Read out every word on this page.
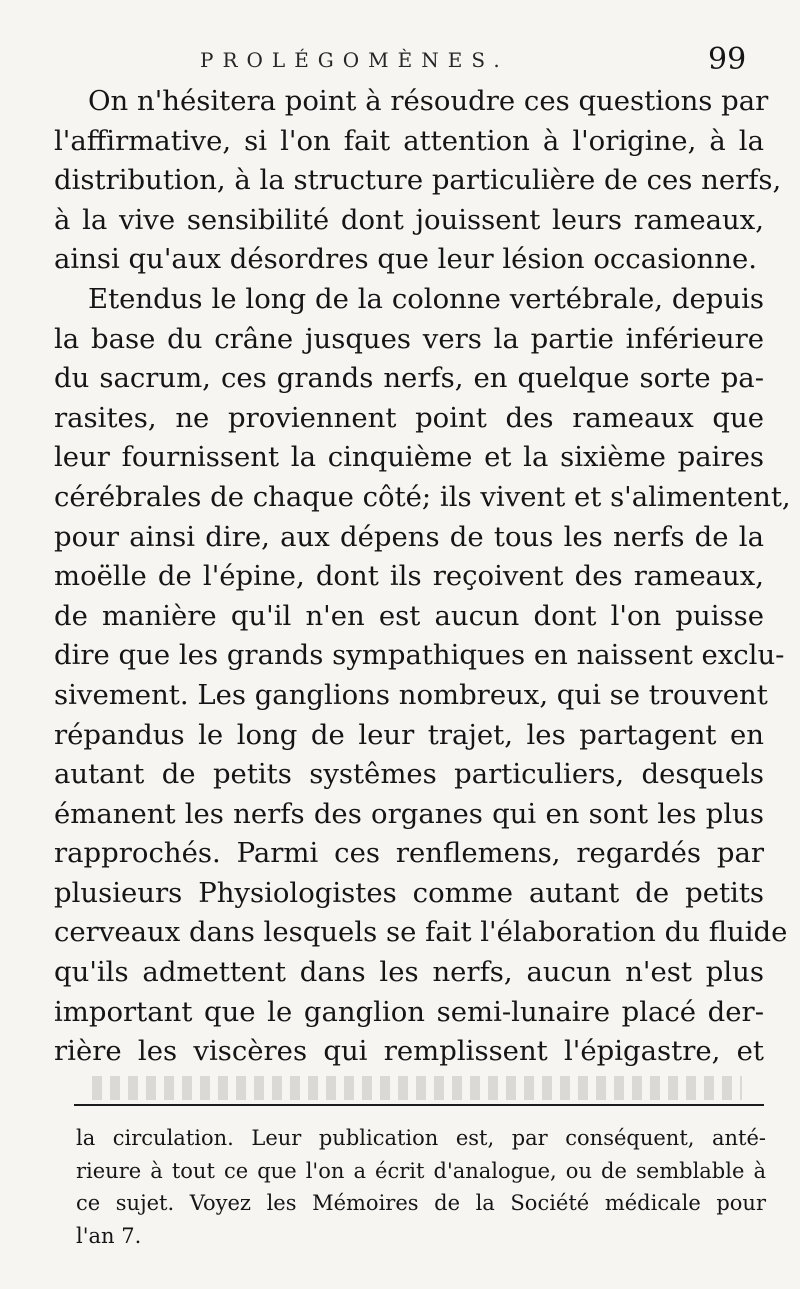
PROLÉGOMÈNES.	99
On n'hésitera point à résoudre ces questions par
l'affirmative, si l'on fait attention à l'origine, à la
distribution, à la structure particulière de ces nerfs,
à la vive sensibilité dont jouissent leurs rameaux,
ainsi qu'aux désordres que leur lésion occasionne.
Etendus le long de la colonne vertébrale, depuis
la base du crâne jusques vers la partie inférieure
du sacrum, ces grands nerfs, en quelque sorte pa-
rasites, ne proviennent point des rameaux que
leur fournissent la cinquième et la sixième paires
cérébrales de chaque côté; ils vivent et s'alimentent,
pour ainsi dire, aux dépens de tous les nerfs de la
moëlle de l'épine, dont ils reçoivent des rameaux,
de manière qu'il n'en est aucun dont l'on puisse
dire que les grands sympathiques en naissent exclu-
sivement. Les ganglions nombreux, qui se trouvent
répandus le long de leur trajet, les partagent en
autant de petits systêmes particuliers, desquels
émanent les nerfs des organes qui en sont les plus
rapprochés. Parmi ces renflemens, regardés par
plusieurs Physiologistes comme autant de petits
cerveaux dans lesquels se fait l'élaboration du fluide
qu'ils admettent dans les nerfs, aucun n'est plus
important que le ganglion semi-lunaire placé der-
rière les viscères qui remplissent l'épigastre, et
la circulation. Leur publication est, par conséquent, anté-
rieure à tout ce que l'on a écrit d'analogue, ou de semblable à
ce sujet. Voyez les Mémoires de la Société médicale pour
l'an 7.
